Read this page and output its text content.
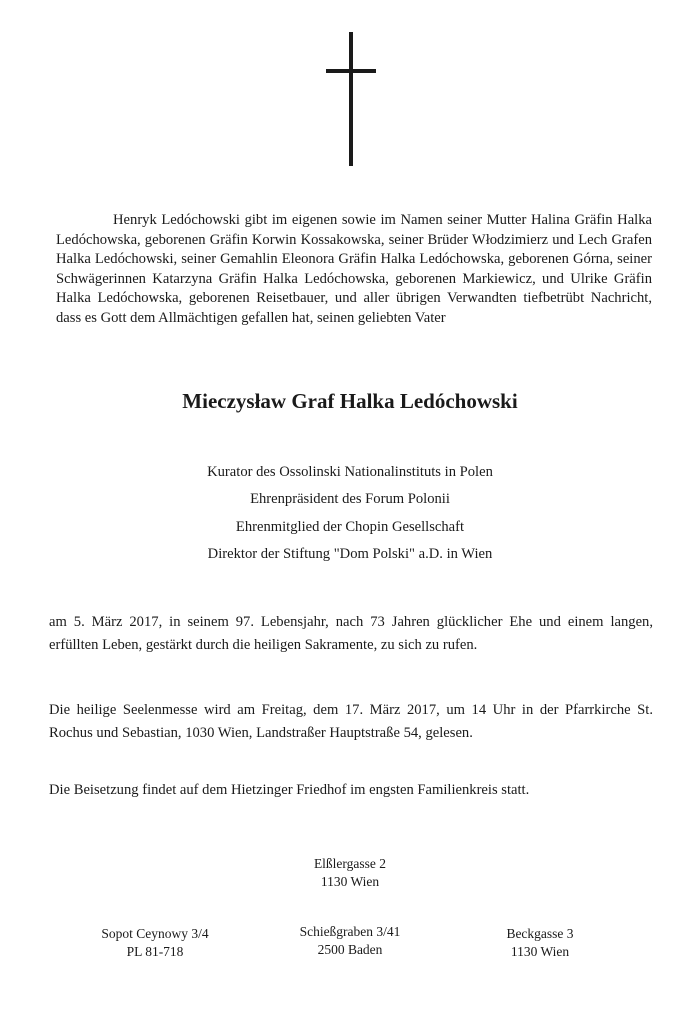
Henryk Ledóchowski gibt im eigenen sowie im Namen seiner Mutter Halina Gräfin Halka Ledóchowska, geborenen Gräfin Korwin Kossakowska, seiner Brüder Włodzimierz und Lech Grafen Halka Ledóchowski, seiner Gemahlin Eleonora Gräfin Halka Ledóchowska, geborenen Górna, seiner Schwägerinnen Katarzyna Gräfin Halka Ledóchowska, geborenen Markiewicz, und Ulrike Gräfin Halka Ledóchowska, geborenen Reisetbauer, und aller übrigen Verwandten tiefbetrübt Nachricht, dass es Gott dem Allmächtigen gefallen hat, seinen geliebten Vater

Mieczysław Graf Halka Ledóchowski
Kurator des Ossolinski Nationalinstituts in Polen
Ehrenpräsident des Forum Polonii
Ehrenmitglied der Chopin Gesellschaft
Direktor der Stiftung "Dom Polski" a.D. in Wien

am 5. März 2017, in seinem 97. Lebensjahr, nach 73 Jahren glücklicher Ehe und einem langen, erfüllten Leben, gestärkt durch die heiligen Sakramente, zu sich zu rufen.

Die heilige Seelenmesse wird am Freitag, dem 17. März 2017, um 14 Uhr in der Pfarrkirche St. Rochus und Sebastian, 1030 Wien, Landstraßer Hauptstraße 54, gelesen.

Die Beisetzung findet auf dem Hietzinger Friedhof im engsten Familienkreis statt.

Elßlergasse 2
1130 Wien
Sopot Ceynowy 3/4
PL 81-718
Schießgraben 3/41
2500 Baden
Beckgasse 3
1130 Wien
